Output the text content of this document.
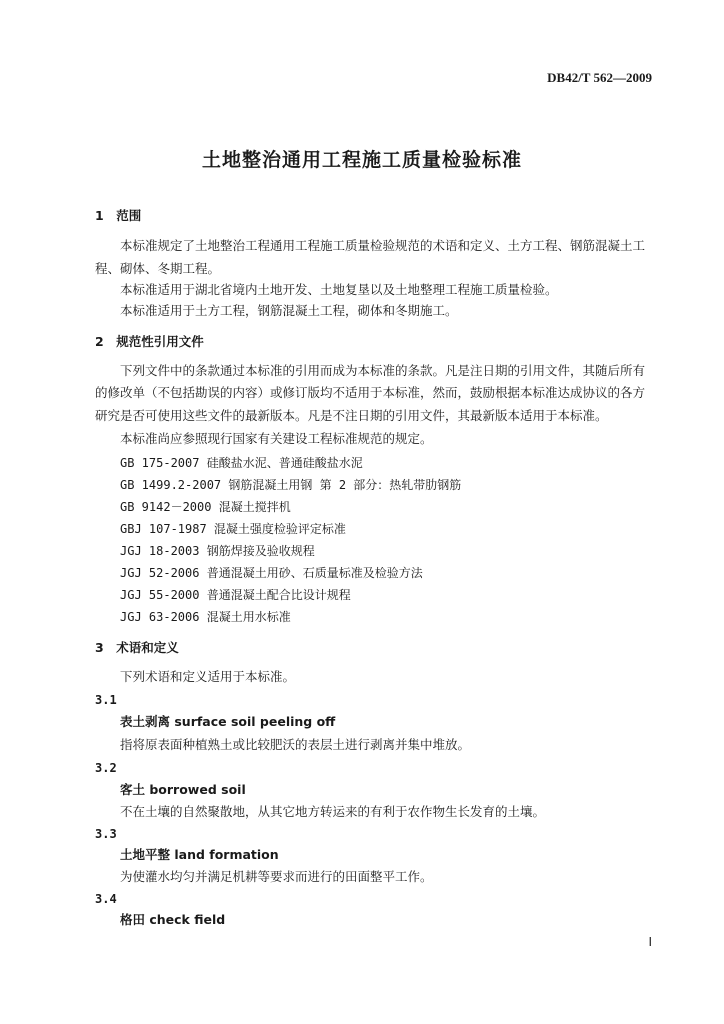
DB42/T 562—2009
土地整治通用工程施工质量检验标准
1　范围
本标准规定了土地整治工程通用工程施工质量检验规范的术语和定义、土方工程、钢筋混凝土工
程、砌体、冬期工程。
本标准适用于湖北省境内土地开发、土地复垦以及土地整理工程施工质量检验。
本标准适用于土方工程，钢筋混凝土工程，砌体和冬期施工。
2　规范性引用文件
下列文件中的条款通过本标准的引用而成为本标准的条款。凡是注日期的引用文件，其随后所有
的修改单（不包括勘误的内容）或修订版均不适用于本标准，然而，鼓励根据本标准达成协议的各方
研究是否可使用这些文件的最新版本。凡是不注日期的引用文件，其最新版本适用于本标准。
本标准尚应参照现行国家有关建设工程标准规范的规定。
GB 175-2007 硅酸盐水泥、普通硅酸盐水泥
GB 1499.2-2007 钢筋混凝土用钢 第 2 部分：热轧带肋钢筋
GB 9142－2000 混凝土搅拌机
GBJ 107-1987 混凝土强度检验评定标准
JGJ 18-2003 钢筋焊接及验收规程
JGJ 52-2006 普通混凝土用砂、石质量标准及检验方法
JGJ 55-2000 普通混凝土配合比设计规程
JGJ 63-2006 混凝土用水标准
3　术语和定义
下列术语和定义适用于本标准。
3.1
表土剥离 surface soil peeling off
指将原表面种植熟土或比较肥沃的表层土进行剥离并集中堆放。
3.2
客土 borrowed soil
不在土壤的自然聚散地，从其它地方转运来的有利于农作物生长发育的土壤。
3.3
土地平整 land formation
为使灌水均匀并满足机耕等要求而进行的田面整平工作。
3.4
格田 check field
I
